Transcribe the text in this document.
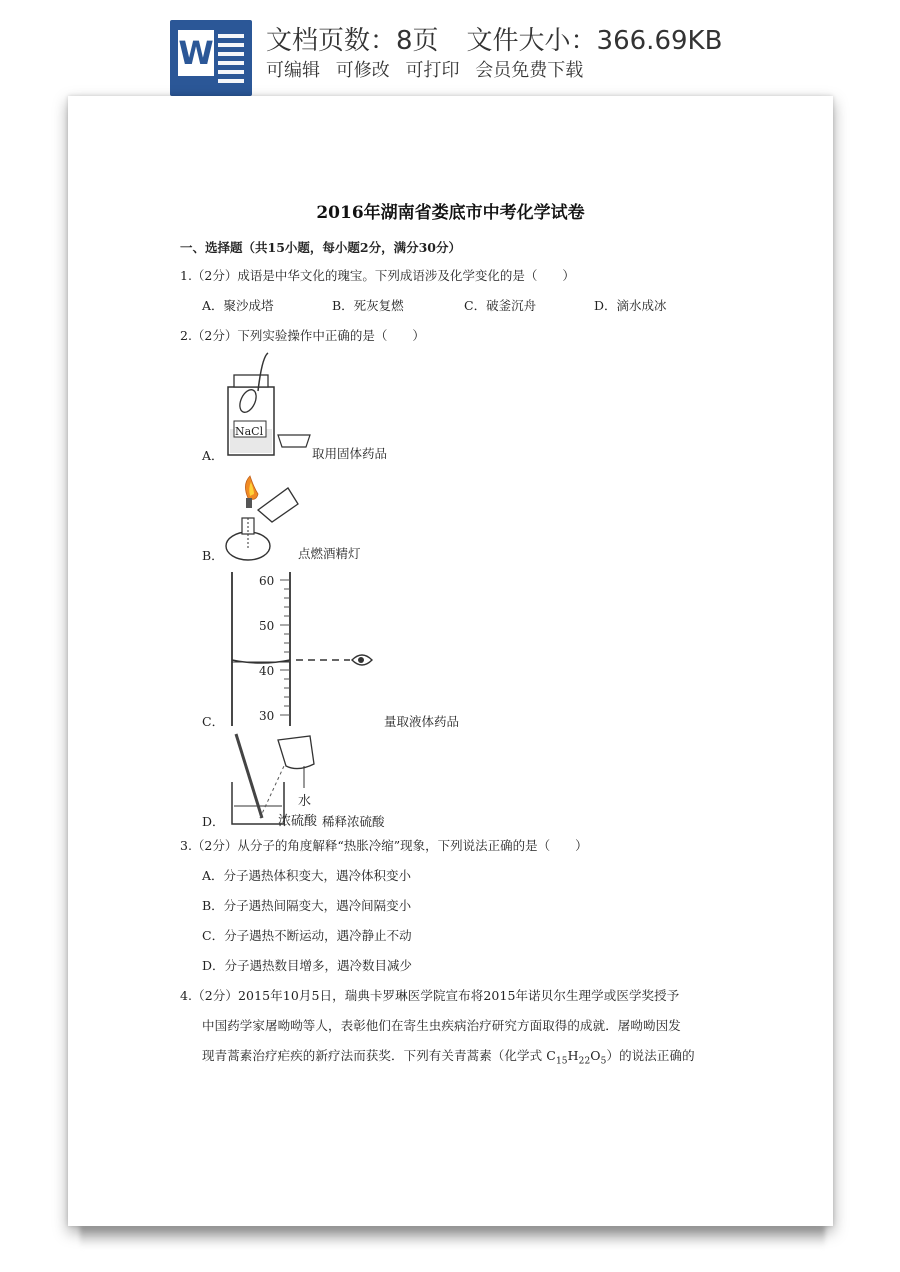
W 文档页数：8页 文件大小：366.69KB
可编辑 可修改 可打印 会员免费下载
2016年湖南省娄底市中考化学试卷
一、选择题（共15小题，每小题2分，满分30分）
1.（2分）成语是中华文化的瑰宝。下列成语涉及化学变化的是（　　）
A．聚沙成塔	B．死灰复燃	C．破釜沉舟	D．滴水成冰
2.（2分）下列实验操作中正确的是（　　）
A．
NaCl
取用固体药品
B．	点燃酒精灯
C．
60
50
40
30	量取液体药品
D．
水
浓硫酸 稀释浓硫酸
3.（2分）从分子的角度解释“热胀冷缩”现象，下列说法正确的是（　　）
A．分子遇热体积变大，遇冷体积变小
B．分子遇热间隔变大，遇冷间隔变小
C．分子遇热不断运动，遇冷静止不动
D．分子遇热数目增多，遇冷数目减少
4.（2分）2015年10月5日，瑞典卡罗琳医学院宣布将2015年诺贝尔生理学或医学奖授予
中国药学家屠呦呦等人，表彰他们在寄生虫疾病治疗研究方面取得的成就．屠呦呦因发
现青蒿素治疗疟疾的新疗法而获奖．下列有关青蒿素（化学式 $C_{15}H_{22}O_5$）的说法正确的
